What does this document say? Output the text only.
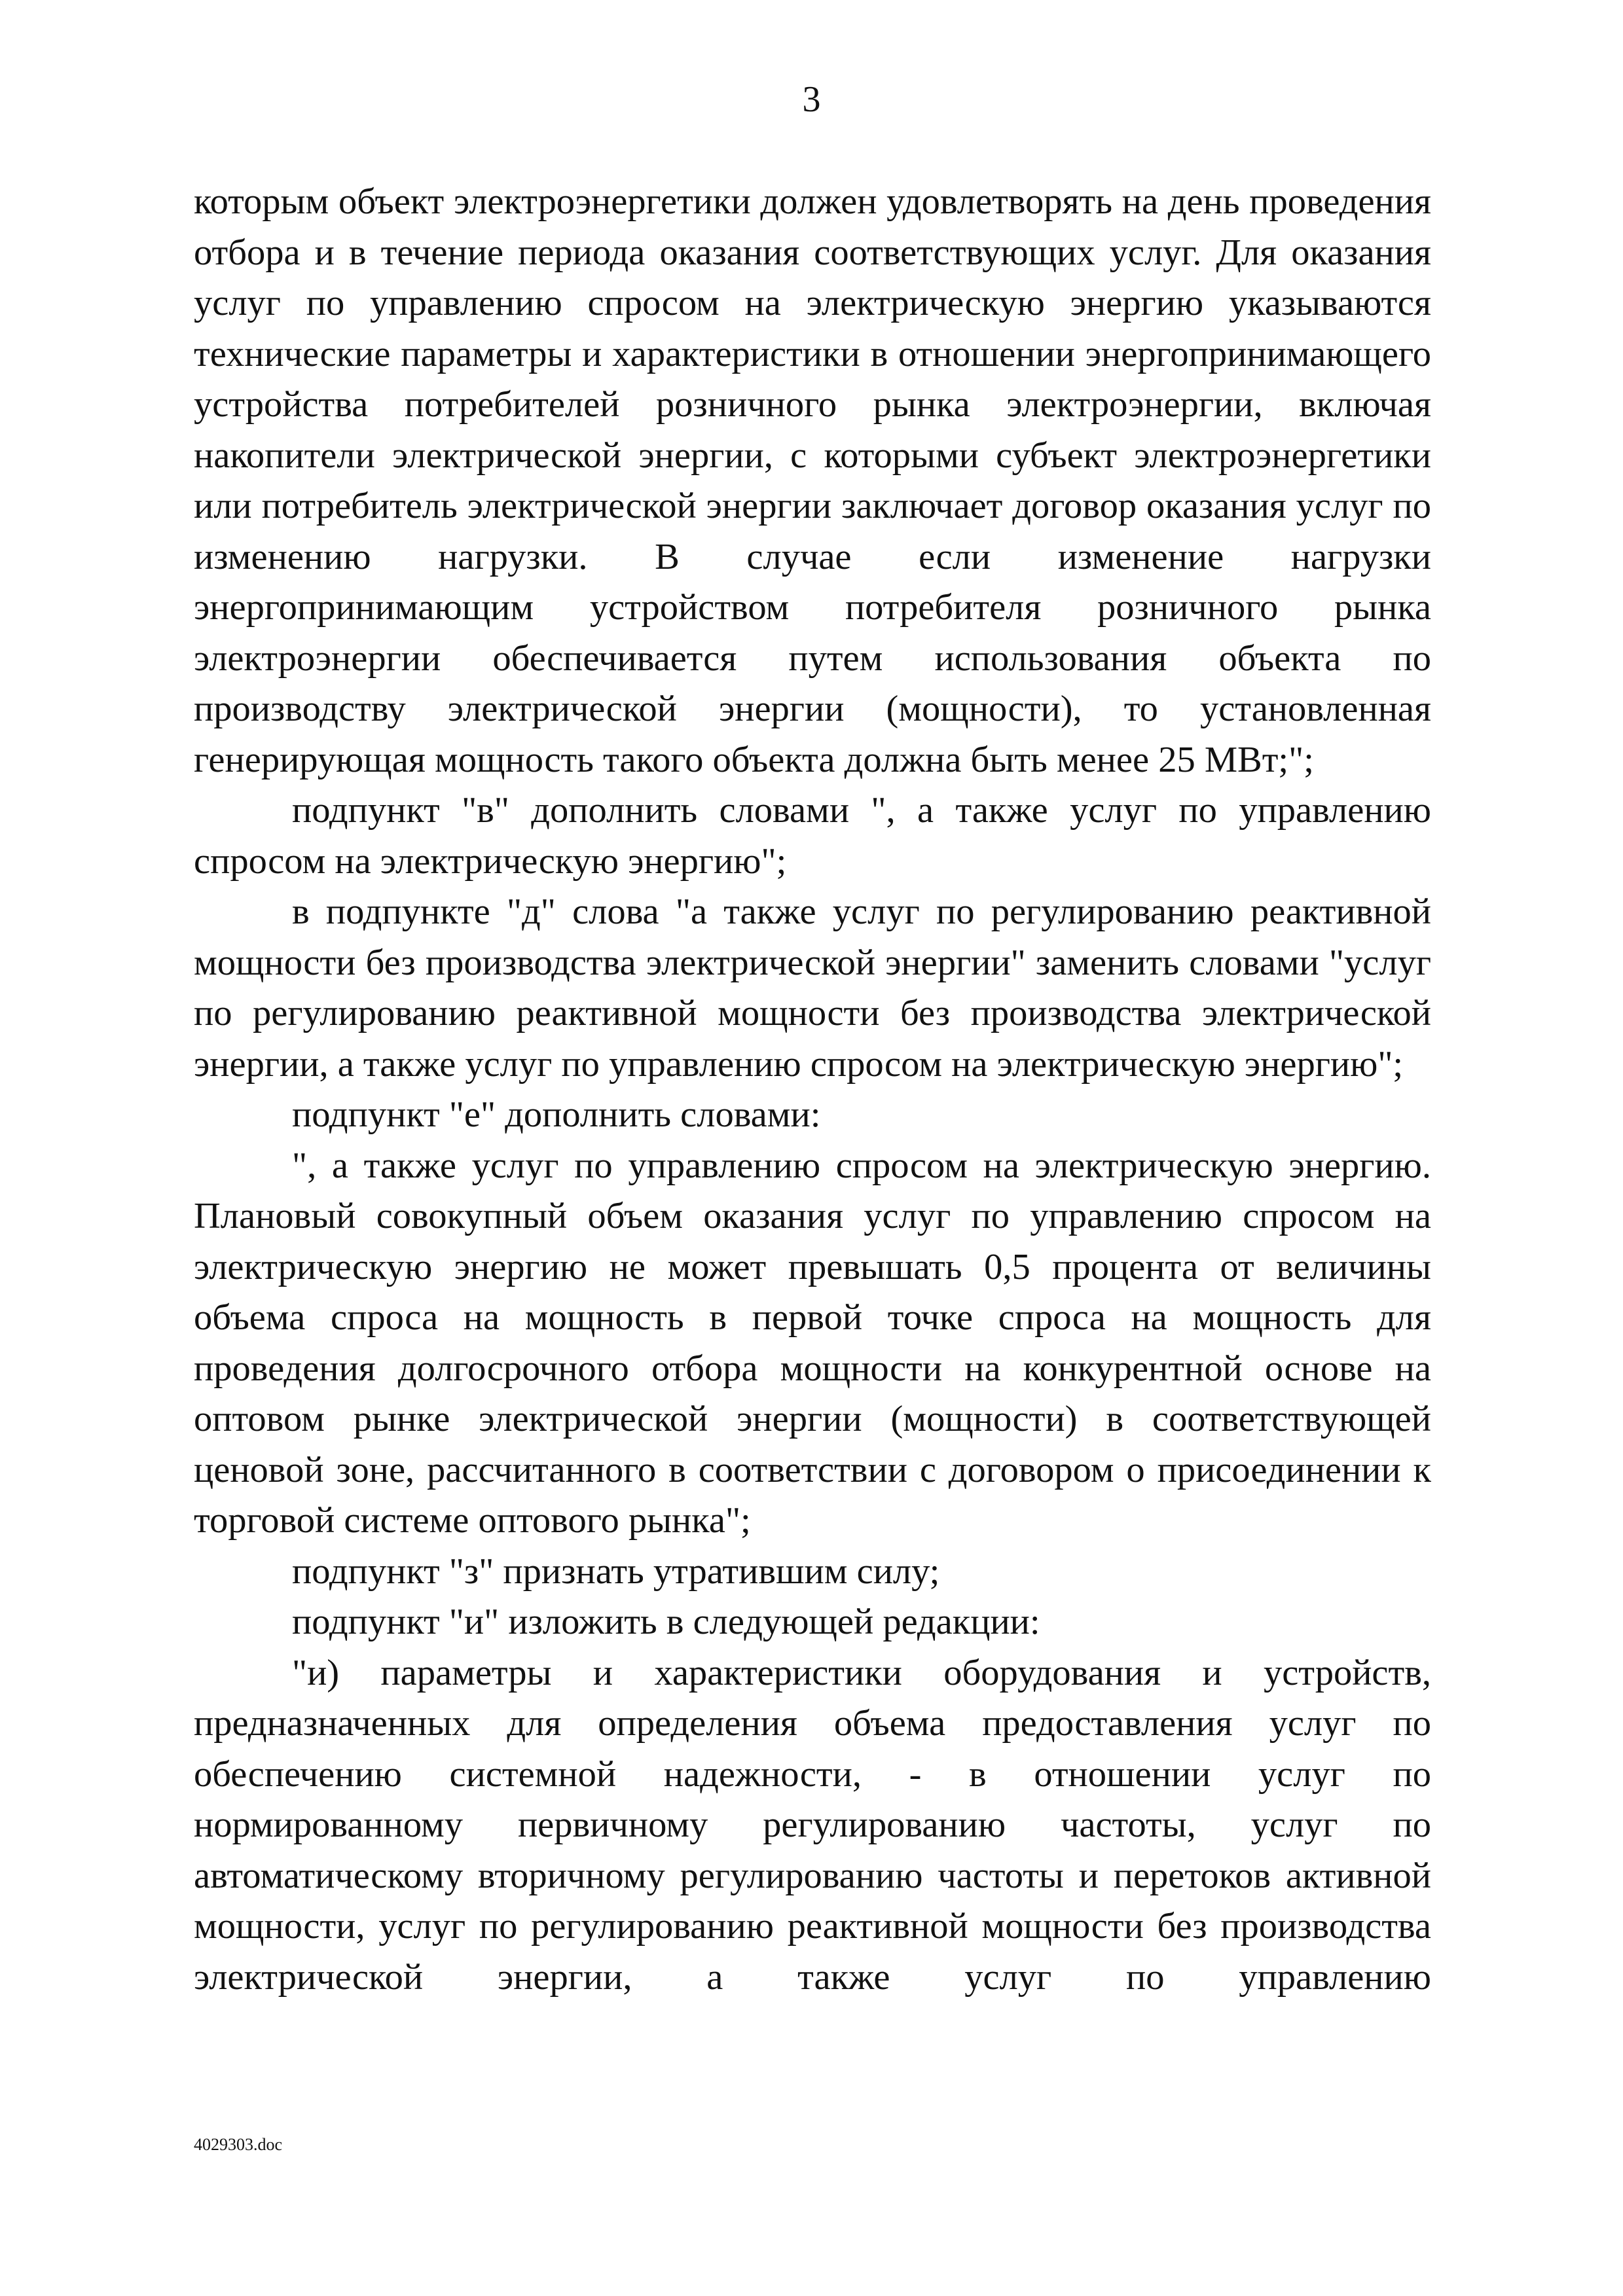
3

которым объект электроэнергетики должен удовлетворять на день проведения отбора и в течение периода оказания соответствующих услуг. Для оказания услуг по управлению спросом на электрическую энергию указываются технические параметры и характеристики в отношении энергопринимающего устройства потребителей розничного рынка электроэнергии, включая накопители электрической энергии, с которыми субъект электроэнергетики или потребитель электрической энергии заключает договор оказания услуг по изменению нагрузки. В случае если изменение нагрузки энергопринимающим устройством потребителя розничного рынка электроэнергии обеспечивается путем использования объекта по производству электрической энергии (мощности), то установленная генерирующая мощность такого объекта должна быть менее 25 МВт;";

подпункт "в" дополнить словами ", а также услуг по управлению спросом на электрическую энергию";

в подпункте "д" слова "а также услуг по регулированию реактивной мощности без производства электрической энергии" заменить словами "услуг по регулированию реактивной мощности без производства электрической энергии, а также услуг по управлению спросом на электрическую энергию";

подпункт "е" дополнить словами:

", а также услуг по управлению спросом на электрическую энергию. Плановый совокупный объем оказания услуг по управлению спросом на электрическую энергию не может превышать 0,5 процента от величины объема спроса на мощность в первой точке спроса на мощность для проведения долгосрочного отбора мощности на конкурентной основе на оптовом рынке электрической энергии (мощности) в соответствующей ценовой зоне, рассчитанного в соответствии с договором о присоединении к торговой системе оптового рынка";

подпункт "з" признать утратившим силу;

подпункт "и" изложить в следующей редакции:

"и) параметры и характеристики оборудования и устройств, предназначенных для определения объема предоставления услуг по обеспечению системной надежности, - в отношении услуг по нормированному первичному регулированию частоты, услуг по автоматическому вторичному регулированию частоты и перетоков активной мощности, услуг по регулированию реактивной мощности без производства электрической энергии, а также услуг по управлению

4029303.doc
